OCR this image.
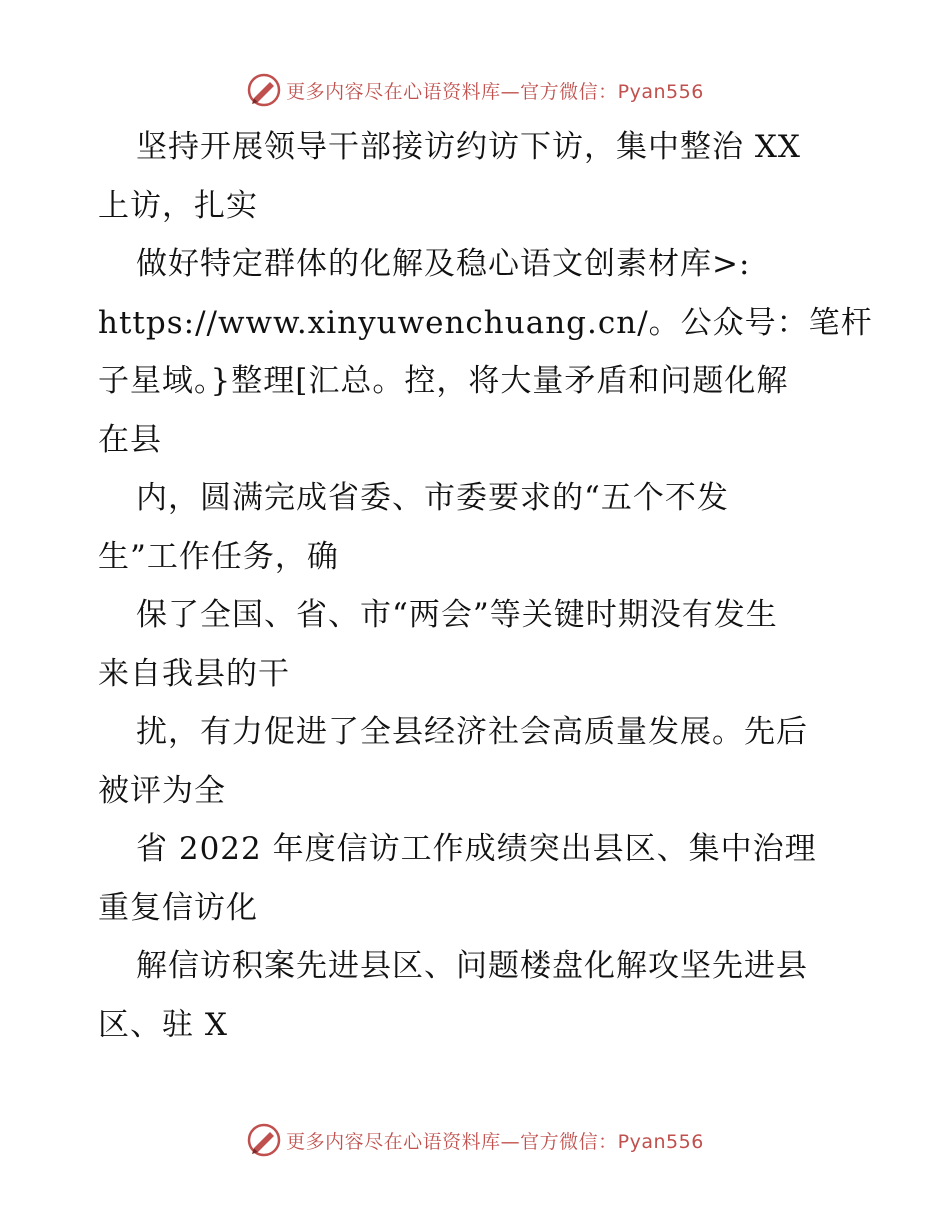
更多内容尽在心语资料库—官方微信：Pyan556
坚持开展领导干部接访约访下访，集中整治 XX
上访，扎实
做好特定群体的化解及稳心语文创素材库>:
https://www.xinyuwenchuang.cn/。公众号：笔杆
子星域。}整理[汇总。控，将大量矛盾和问题化解
在县
内，圆满完成省委、市委要求的“五个不发
生”工作任务，确
保了全国、省、市“两会”等关键时期没有发生
来自我县的干
扰，有力促进了全县经济社会高质量发展。先后
被评为全
省 2022 年度信访工作成绩突出县区、集中治理
重复信访化
解信访积案先进县区、问题楼盘化解攻坚先进县
区、驻 X
更多内容尽在心语资料库—官方微信：Pyan556
